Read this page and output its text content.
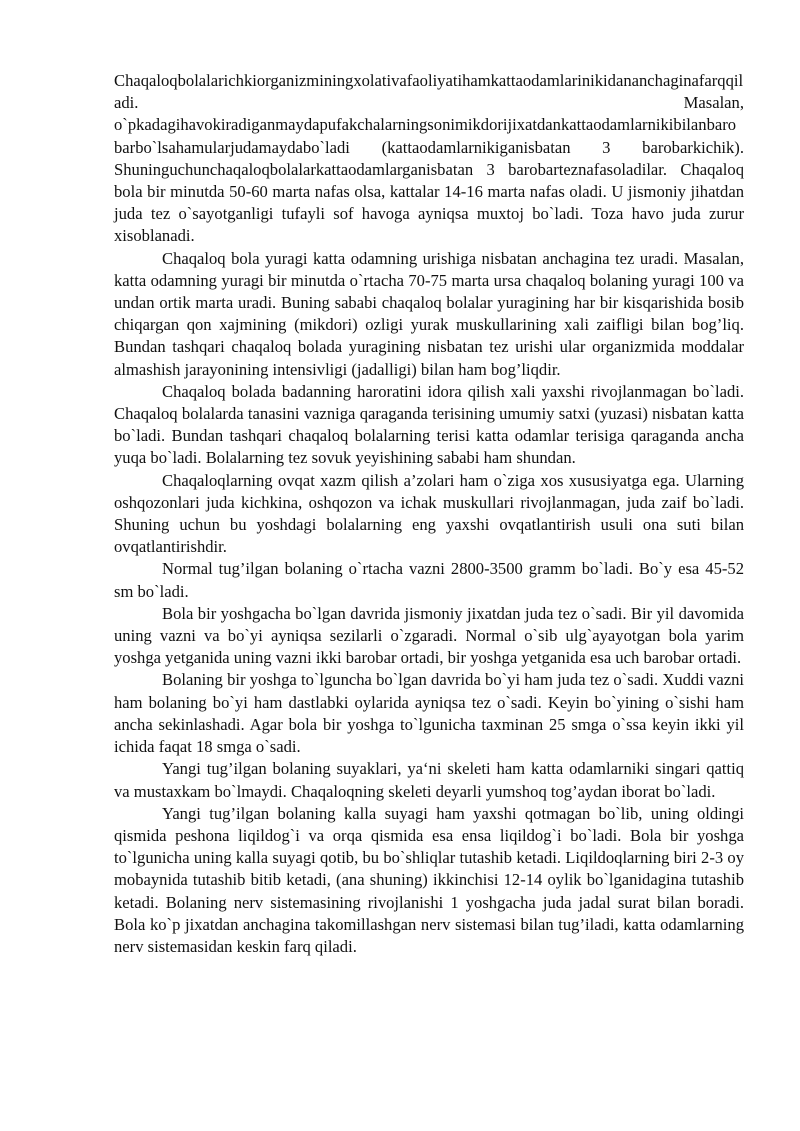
Chaqaloqbolalarichkiorganizminingxolativafaoliyatihamkattaodamlarinikidananchaginafarqqiladi. Masalan, o`pkadagihavokiradiganmaydapufakchalarningsonimikdorijixatdankattaodamlarnikibilanbarobarbo`lsahamularjudamaydabo`ladi (kattaodamlarnikiganisbatan 3 barobarkichik). Shuninguchunchaqaloqbolalarkattaodamlarganisbatan 3 barobarteznafasoladilar. Chaqaloq bola bir minutda 50-60 marta nafas olsa, kattalar 14-16 marta nafas oladi. U jismoniy jihatdan juda tez o`sayotganligi tufayli sof havoga ayniqsa muxtoj bo`ladi. Toza havo juda zurur xisoblanadi.

Chaqaloq bola yuragi katta odamning urishiga nisbatan anchagina tez uradi. Masalan, katta odamning yuragi bir minutda o`rtacha 70-75 marta ursa chaqaloq bolaning yuragi 100 va undan ortik marta uradi. Buning sababi chaqaloq bolalar yuragining har bir kisqarishida bosib chiqargan qon xajmining (mikdori) ozligi yurak muskullarining xali zaifligi bilan bog’liq. Bundan tashqari chaqaloq bolada yuragining nisbatan tez urishi ular organizmida moddalar almashish jarayonining intensivligi (jadalligi) bilan ham bog’liqdir.

Chaqaloq bolada badanning haroratini idora qilish xali yaxshi rivojlanmagan bo`ladi. Chaqaloq bolalarda tanasini vazniga qaraganda terisining umumiy satxi (yuzasi) nisbatan katta bo`ladi. Bundan tashqari chaqaloq bolalarning terisi katta odamlar terisiga qaraganda ancha yuqa bo`ladi. Bolalarning tez sovuk yeyishining sababi ham shundan.

Chaqaloqlarning ovqat xazm qilish a’zolari ham o`ziga xos xususiyatga ega. Ularning oshqozonlari juda kichkina, oshqozon va ichak muskullari rivojlanmagan, juda zaif bo`ladi. Shuning uchun bu yoshdagi bolalarning eng yaxshi ovqatlantirish usuli ona suti bilan ovqatlantirishdir.

Normal tug’ilgan bolaning o`rtacha vazni 2800-3500 gramm bo`ladi. Bo`y esa 45-52 sm bo`ladi.

Bola bir yoshgacha bo`lgan davrida jismoniy jixatdan juda tez o`sadi. Bir yil davomida uning vazni va bo`yi ayniqsa sezilarli o`zgaradi. Normal o`sib ulg`ayayotgan bola yarim yoshga yetganida uning vazni ikki barobar ortadi, bir yoshga yetganida esa uch barobar ortadi.

Bolaning bir yoshga to`lguncha bo`lgan davrida bo`yi ham juda tez o`sadi. Xuddi vazni ham bolaning bo`yi ham dastlabki oylarida ayniqsa tez o`sadi. Keyin bo`yining o`sishi ham ancha sekinlashadi. Agar bola bir yoshga to`lgunicha taxminan 25 smga o`ssa keyin ikki yil ichida faqat 18 smga o`sadi.

Yangi tug’ilgan bolaning suyaklari, ya‘ni skeleti ham katta odamlarniki singari qattiq va mustaxkam bo`lmaydi. Chaqaloqning skeleti deyarli yumshoq tog’aydan iborat bo`ladi.

Yangi tug’ilgan bolaning kalla suyagi ham yaxshi qotmagan bo`lib, uning oldingi qismida peshona liqildog`i va orqa qismida esa ensa liqildog`i bo`ladi. Bola bir yoshga to`lgunicha uning kalla suyagi qotib, bu bo`shliqlar tutashib ketadi. Liqildoqlarning biri 2-3 oy mobaynida tutashib bitib ketadi, (ana shuning) ikkinchisi 12-14 oylik bo`lganidagina tutashib ketadi. Bolaning nerv sistemasining rivojlanishi 1 yoshgacha juda jadal surat bilan boradi. Bola ko`p jixatdan anchagina takomillashgan nerv sistemasi bilan tug’iladi, katta odamlarning nerv sistemasidan keskin farq qiladi.
